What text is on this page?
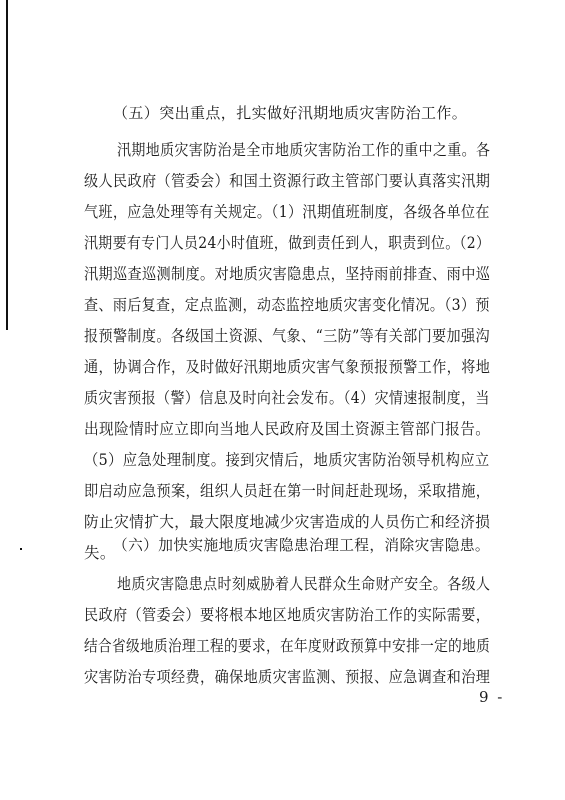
（五）突出重点，扎实做好汛期地质灾害防治工作。
汛期地质灾害防治是全市地质灾害防治工作的重中之重。各
级人民政府（管委会）和国土资源行政主管部门要认真落实汛期
气班，应急处理等有关规定。（1）汛期值班制度，各级各单位在
汛期要有专门人员24小时值班，做到责任到人，职责到位。（2）
汛期巡查巡测制度。对地质灾害隐患点，坚持雨前排查、雨中巡
查、雨后复查，定点监测，动态监控地质灾害变化情况。（3）预
报预警制度。各级国土资源、气象、“三防”等有关部门要加强沟
通，协调合作，及时做好汛期地质灾害气象预报预警工作，将地
质灾害预报（警）信息及时向社会发布。（4）灾情速报制度，当
出现险情时应立即向当地人民政府及国土资源主管部门报告。
（5）应急处理制度。接到灾情后，地质灾害防治领导机构应立
即启动应急预案，组织人员赶在第一时间赶赴现场，采取措施，
防止灾情扩大，最大限度地减少灾害造成的人员伤亡和经济损
失。
（六）加快实施地质灾害隐患治理工程，消除灾害隐患。
地质灾害隐患点时刻威胁着人民群众生命财产安全。各级人
民政府（管委会）要将根本地区地质灾害防治工作的实际需要，
结合省级地质治理工程的要求，在年度财政预算中安排一定的地质
灾害防治专项经费，确保地质灾害监测、预报、应急调查和治理
9 -
